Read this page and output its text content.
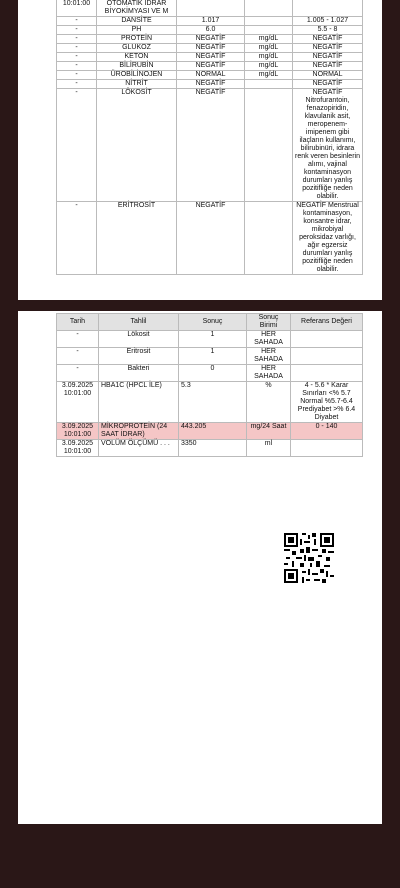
10:01:00	OTOMATİK İDRAR BİYOKİMYASI VE M			
-	DANSİTE	1.017		1.005 - 1.027
-	PH	6.0		5.5 - 8
-	PROTEİN	NEGATİF	mg/dL	NEGATİF
-	GLUKOZ	NEGATİF	mg/dL	NEGATİF
-	KETON	NEGATİF	mg/dL	NEGATİF
-	BİLİRUBİN	NEGATİF	mg/dL	NEGATİF
-	ÜROBİLİNOJEN	NORMAL	mg/dL	NORMAL
-	NİTRİT	NEGATİF		NEGATİF
-	LÖKOSİT	NEGATİF		NEGATİF Nitrofurantoin, fenazopiridin, klavulanik asit, meropenem-imipenem gibi ilaçların kullanımı, bilirubinüri, idrara renk veren besinlerin alımı, vajinal kontaminasyon durumları yanlış pozitifliğe neden olabilir.
-	ERİTROSİT	NEGATİF		NEGATİF Menstrual kontaminasyon, konsantre idrar, mikrobiyal peroksidaz varlığı, ağır egzersiz durumları yanlış pozitifliğe neden olabilir.
Tarih	Tahlil	Sonuç	Sonuç Birimi	Referans Değeri
-	Lökosit	1	HER SAHADA	
-	Eritrosit	1	HER SAHADA	
-	Bakteri	0	HER SAHADA	
3.09.2025 10:01:00	HBA1C (HPCL İLE)	5.3	%	4 - 5.6 * Karar Sınırları <% 5.7 Normal %5.7-6.4 Prediyabet >% 6.4 Diyabet
3.09.2025 10:01:00	MİKROPROTEİN (24 SAAT İDRAR)	443.205	mg/24 Saat	0 - 140
3.09.2025 10:01:00	VOLÜM ÖLÇÜMÜ . . .	3350	ml	
